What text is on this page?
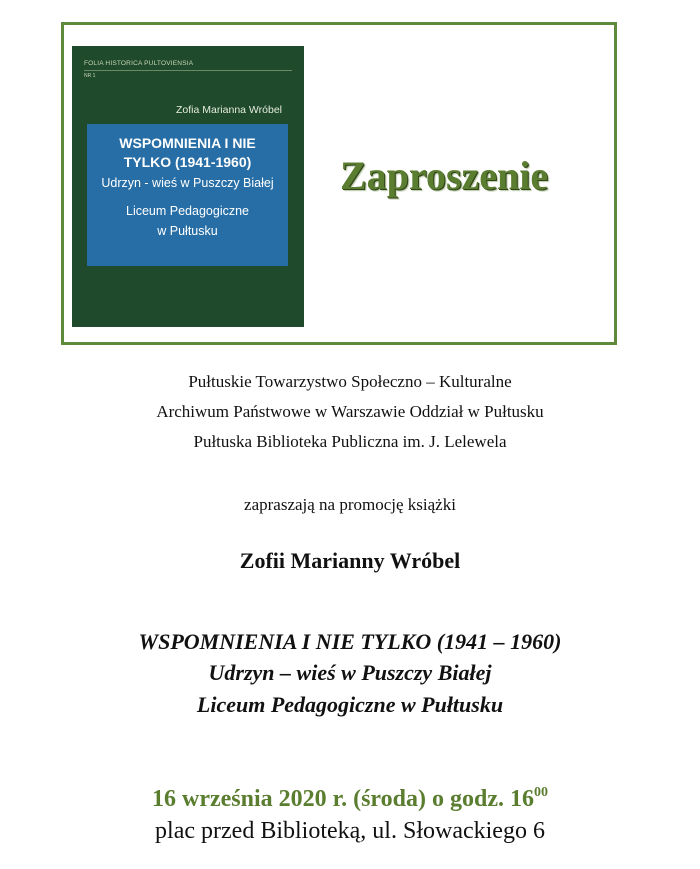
FOLIA HISTORICA PULTOVIENSIA
NR 1
Zofia Marianna Wróbel
WSPOMNIENIA I NIE
TYLKO (1941-1960)
Udrzyn - wieś w Puszczy Białej
Liceum Pedagogiczne
w Pułtusku
Zaproszenie
Pułtuskie Towarzystwo Społeczno – Kulturalne
Archiwum Państwowe w Warszawie Oddział w Pułtusku
Pułtuska Biblioteka Publiczna im. J. Lelewela
zapraszają na promocję książki
Zofii Marianny Wróbel
WSPOMNIENIA I NIE TYLKO (1941 – 1960)
Udrzyn – wieś w Puszczy Białej
Liceum Pedagogiczne w Pułtusku
16 września 2020 r. (środa) o godz. $16^{00}$
plac przed Biblioteką, ul. Słowackiego 6
